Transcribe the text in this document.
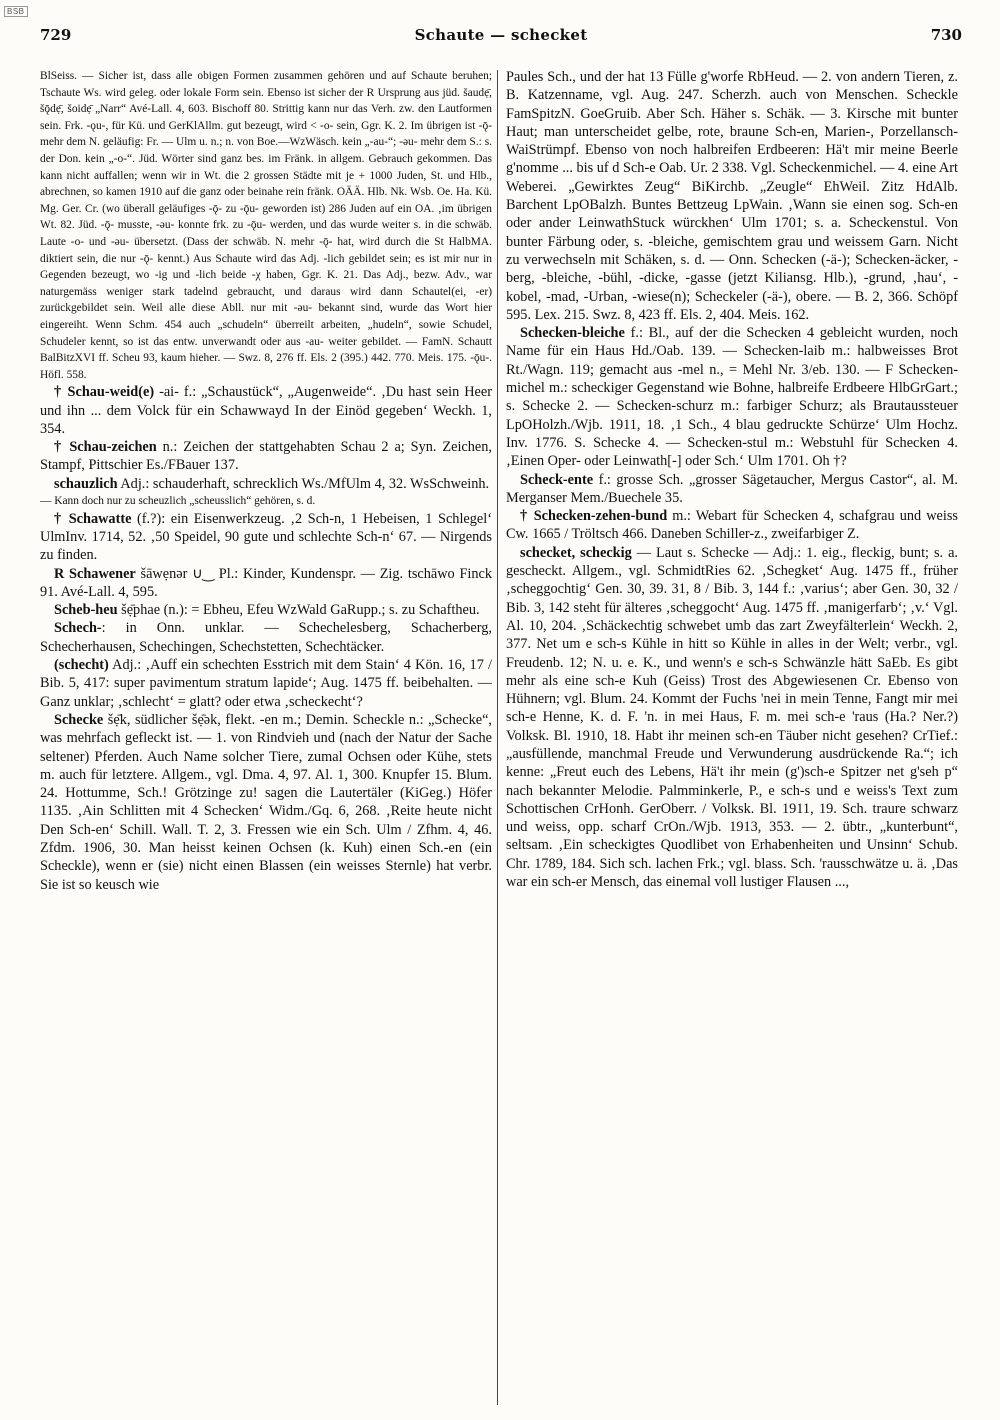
BSB
729	Schaute — schecket	730

BlSeiss. — Sicher ist, dass alle obigen Formen zusammen gehören und auf Schaute beruhen; Tschaute Ws. wird geleg. oder lokale Form sein. Ebenso ist sicher der R Ursprung aus jüd. šaudẹ̄, šǭdẹ̄, šoidẹ̄ „Narr“ Avé-Lall. 4, 603. Bischoff 80. Strittig kann nur das Verh. zw. den Lautformen sein. Frk. -ǫu-, für Kü. und GerKlAllm. gut bezeugt, wird < -o- sein, Ggr. K. 2. Im übrigen ist -ǭ- mehr dem N. geläufig: Fr. — Ulm u. n.; n. von Boe.—WzWäsch. kein „-au-“; -ǝu- mehr dem S.: s. der Don. kein „-o-“. Jüd. Wörter sind ganz bes. im Fränk. in allgem. Gebrauch gekommen. Das kann nicht auffallen; wenn wir in Wt. die 2 grossen Städte mit je + 1000 Juden, St. und Hlb., abrechnen, so kamen 1910 auf die ganz oder beinahe rein fränk. OÄÄ. Hlb. Nk. Wsb. Oe. Ha. Kü. Mg. Ger. Cr. (wo überall geläufiges -ǭ- zu -ǭu- geworden ist) 286 Juden auf ein OA. ‚im übrigen Wt. 82. Jüd. -ǭ- musste, -ǝu- konnte frk. zu -ǭu- werden, und das wurde weiter s. in die schwäb. Laute -o- und -ǝu- übersetzt. (Dass der schwäb. N. mehr -ǭ- hat, wird durch die St HalbMA. diktiert sein, die nur -ǭ- kennt.) Aus Schaute wird das Adj. -lich gebildet sein; es ist mir nur in Gegenden bezeugt, wo -ig und -lich beide -χ haben, Ggr. K. 21. Das Adj., bezw. Adv., war naturgemäss weniger stark tadelnd gebraucht, und daraus wird dann Schautel(ei, -er) zurückgebildet sein. Weil alle diese Abll. nur mit -ǝu- bekannt sind, wurde das Wort hier eingereiht. Wenn Schm. 454 auch „schudeln“ überreilt arbeiten, „hudeln“, sowie Schudel, Schudeler kennt, so ist das entw. unverwandt oder aus -au- weiter gebildet. — FamN. Schautt BalBitzXVI ff. Scheu 93, kaum hieher. — Swz. 8, 276 ff. Els. 2 (395.) 442. 770. Meis. 175. -ǭu-. Höfl. 558.

† Schau-weid(e) -ai- f.: „Schaustück“, „Augenweide“. ‚Du hast sein Heer und ihn ... dem Volck für ein Schawwayd In der Einöd gegeben‘ Weckh. 1, 354.

† Schau-zeichen n.: Zeichen der stattgehabten Schau 2 a; Syn. Zeichen, Stampf, Pittschier Es./FBauer 137.

schauzlich Adj.: schauderhaft, schrecklich Ws./MfUlm 4, 32. WsSchweinh.

— Kann doch nur zu scheuzlich „scheusslich“ gehören, s. d.

† Schawatte (f.?): ein Eisenwerkzeug. ‚2 Sch-n, 1 Hebeisen, 1 Schlegel‘ UlmInv. 1714, 52. ‚50 Speidel, 90 gute und schlechte Sch-n‘ 67. — Nirgends zu finden.

R Schawener šāwẹnǝr ∪‿ Pl.: Kinder, Kundenspr. — Zig. tschāwo Finck 91. Avé-Lall. 4, 595.

Scheb-heu šẹ̄phae (n.): = Ebheu, Efeu WzWald GaRupp.; s. zu Schaftheu.

Schech-: in Onn. unklar. — Schechelesberg, Schacherberg, Schecherhausen, Schechingen, Schechstetten, Schechtäcker.

(schecht) Adj.: ‚Auff ein schechten Esstrich mit dem Stain‘ 4 Kön. 16, 17 / Bib. 5, 417: super pavimentum stratum lapide‘; Aug. 1475 ff. beibehalten. — Ganz unklar; ‚schlecht‘ = glatt? oder etwa ‚scheckecht‘?

Schecke šẹ̄k, südlicher šẹ̄ǝk, flekt. -en m.; Demin. Scheckle n.: „Schecke“, was mehrfach gefleckt ist. — 1. von Rindvieh und (nach der Natur der Sache seltener) Pferden. Auch Name solcher Tiere, zumal Ochsen oder Kühe, stets m. auch für letztere. Allgem., vgl. Dma. 4, 97. Al. 1, 300. Knupfer 15. Blum. 24. Hottumme, Sch.! Grötzinge zu! sagen die Lautertäler (KiGeg.) Höfer 1135. ‚Ain Schlitten mit 4 Schecken‘ Widm./Gq. 6, 268. ‚Reite heute nicht Den Sch-en‘ Schill. Wall. T. 2, 3. Fressen wie ein Sch. Ulm / Zfhm. 4, 46. Zfdm. 1906, 30. Man heisst keinen Ochsen (k. Kuh) einen Sch.-en (ein Scheckle), wenn er (sie) nicht einen Blassen (ein weisses Sternle) hat verbr. Sie ist so keusch wie

Paules Sch., und der hat 13 Fülle g'worfe RbHeud. — 2. von andern Tieren, z. B. Katzenname, vgl. Aug. 247. Scherzh. auch von Menschen. Scheckle FamSpitzN. GoeGruib. Aber Sch. Häher s. Schäk. — 3. Kirsche mit bunter Haut; man unterscheidet gelbe, rote, braune Sch-en, Marien-, Porzellansch- WaiStrümpf. Ebenso von noch halbreifen Erdbeeren: Hä't mir meine Beerle g'nomme ... bis uf d Sch-e Oab. Ur. 2 338. Vgl. Scheckenmichel. — 4. eine Art Weberei. „Gewirktes Zeug“ BiKirchb. „Zeugle“ EhWeil. Zitz HdAlb. Barchent LpOBalzh. Buntes Bettzeug LpWain. ‚Wann sie einen sog. Sch-en oder ander LeinwathStuck würckhen‘ Ulm 1701; s. a. Scheckenstul. Von bunter Färbung oder, s. -bleiche, gemischtem grau und weissem Garn. Nicht zu verwechseln mit Schäken, s. d. — Onn. Schecken (-ä-); Schecken-äcker, -berg, -bleiche, -bühl, -dicke, -gasse (jetzt Kiliansg. Hlb.), -grund, ‚hau‘, -kobel, -mad, -Urban, -wiese(n); Scheckeler (-ä-), obere. — B. 2, 366. Schöpf 595. Lex. 215. Swz. 8, 423 ff. Els. 2, 404. Meis. 162.

Schecken-bleiche f.: Bl., auf der die Schecken 4 gebleicht wurden, noch Name für ein Haus Hd./Oab. 139. — Schecken-laib m.: halbweisses Brot Rt./Wagn. 119; gemacht aus -mel n., = Mehl Nr. 3/eb. 130. — F Schecken-michel m.: scheckiger Gegenstand wie Bohne, halbreife Erdbeere HlbGrGart.; s. Schecke 2. — Schecken-schurz m.: farbiger Schurz; als Brautaussteuer LpOHolzh./Wjb. 1911, 18. ‚1 Sch., 4 blau gedruckte Schürze‘ Ulm Hochz. Inv. 1776. S. Schecke 4. — Schecken-stul m.: Webstuhl für Schecken 4. ‚Einen Oper- oder Leinwath[-] oder Sch.‘ Ulm 1701. Oh †?

Scheck-ente f.: grosse Sch. „grosser Sägetaucher, Mergus Castor“, al. M. Merganser Mem./Buechele 35.

† Schecken-zehen-bund m.: Webart für Schecken 4, schafgrau und weiss Cw. 1665 / Tröltsch 466. Daneben Schiller-z., zweifarbiger Z.

schecket, scheckig — Laut s. Schecke — Adj.: 1. eig., fleckig, bunt; s. a. gescheckt. Allgem., vgl. SchmidtRies 62. ‚Schegket‘ Aug. 1475 ff., früher ‚scheggochtig‘ Gen. 30, 39. 31, 8 / Bib. 3, 144 f.: ‚varius‘; aber Gen. 30, 32 / Bib. 3, 142 steht für älteres ‚scheggocht‘ Aug. 1475 ff. ‚manigerfarb‘; ‚v.‘ Vgl. Al. 10, 204. ‚Schäckechtig schwebet umb das zart Zweyfälterlein‘ Weckh. 2, 377. Net um e sch-s Kühle in hitt so Kühle in alles in der Welt; verbr., vgl. Freudenb. 12; N. u. e. K., und wenn's e sch-s Schwänzle hätt SaEb. Es gibt mehr als eine sch-e Kuh (Geiss) Trost des Abgewiesenen Cr. Ebenso von Hühnern; vgl. Blum. 24. Kommt der Fuchs 'nei in mein Tenne, Fangt mir mei sch-e Henne, K. d. F. 'n. in mei Haus, F. m. mei sch-e 'raus (Ha.? Ner.?) Volksk. Bl. 1910, 18. Habt ihr meinen sch-en Täuber nicht gesehen? CrTief.: „ausfüllende, manchmal Freude und Verwunderung ausdrückende Ra.“; ich kenne: „Freut euch des Lebens, Hä't ihr mein (g')sch-e Spitzer net g'seh p“ nach bekannter Melodie. Palmminkerle, P., e sch-s und e weiss's Text zum Schottischen CrHonh. GerOberr. / Volksk. Bl. 1911, 19. Sch. traure schwarz und weiss, opp. scharf CrOn./Wjb. 1913, 353. — 2. übtr., „kunterbunt“, seltsam. ‚Ein scheckigtes Quodlibet von Erhabenheiten und Unsinn‘ Schub. Chr. 1789, 184. Sich sch. lachen Frk.; vgl. blass. Sch. 'rausschwätze u. ä. ‚Das war ein sch-er Mensch, das einemal voll lustiger Flausen ...,
